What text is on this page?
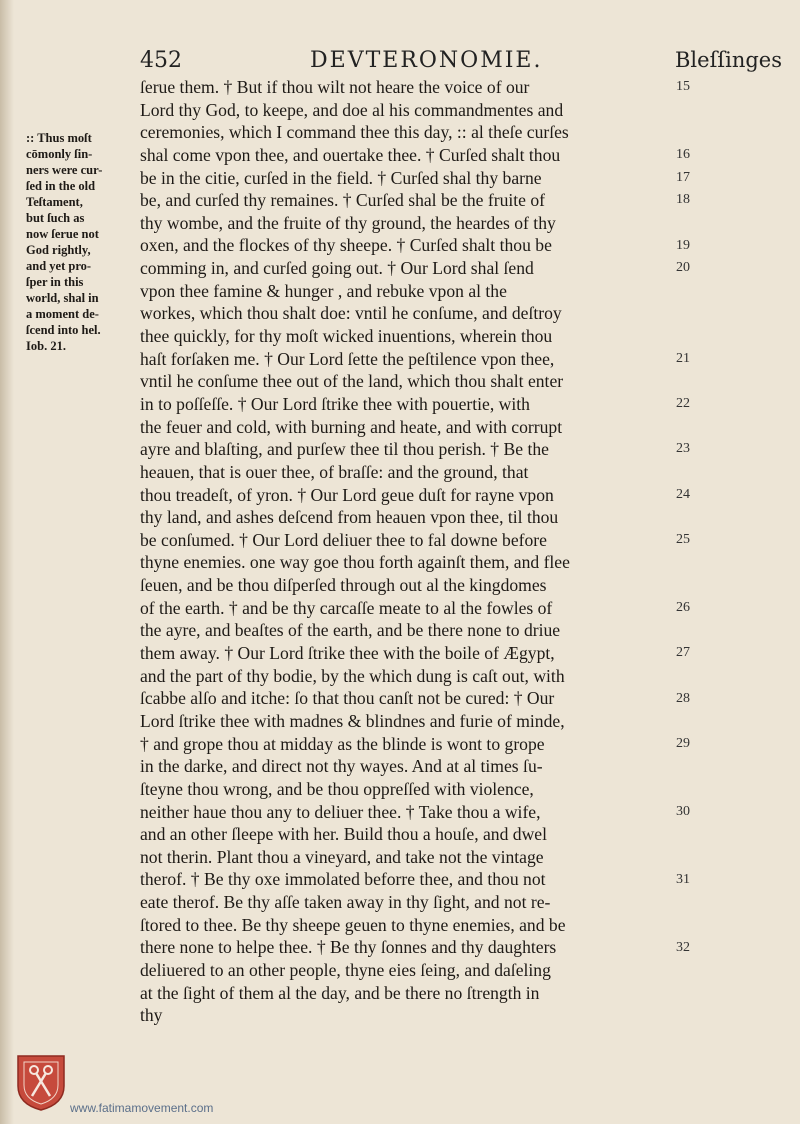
452	DEVTERONOMIE.	Bleſſinges
:: Thus moſt
cōmonly ſin-
ners were cur-
ſed in the old
Teſtament,
but ſuch as
now ſerue not
God rightly,
and yet pro-
ſper in this
world, shal in
a moment de-
ſcend into hel.
Iob. 21.
ſerue them. † But if thou wilt not heare the voice of our
Lord thy God, to keepe, and doe al his commandmentes and
ceremonies, which I command thee this day, :: al theſe curſes
shal come vpon thee, and ouertake thee. † Curſed shalt thou
be in the citie, curſed in the field. † Curſed shal thy barne
be, and curſed thy remaines. † Curſed shal be the fruite of
thy wombe, and the fruite of thy ground, the heardes of thy
oxen, and the flockes of thy sheepe. † Curſed shalt thou be
comming in, and curſed going out. † Our Lord shal ſend
vpon thee famine & hunger , and rebuke vpon al the
workes, which thou shalt doe: vntil he conſume, and deſtroy
thee quickly, for thy moſt wicked inuentions, wherein thou
haſt forſaken me. † Our Lord ſette the peſtilence vpon thee,
vntil he conſume thee out of the land, which thou shalt enter
in to poſſeſſe. † Our Lord ſtrike thee with pouertie, with
the feuer and cold, with burning and heate, and with corrupt
ayre and blaſting, and purſew thee til thou perish. † Be the
heauen, that is ouer thee, of braſſe: and the ground, that
thou treadeſt, of yron. † Our Lord geue duſt for rayne vpon
thy land, and ashes deſcend from heauen vpon thee, til thou
be conſumed. † Our Lord deliuer thee to fal downe before
thyne enemies. one way goe thou forth againſt them, and flee
ſeuen, and be thou diſperſed through out al the kingdomes
of the earth. † and be thy carcaſſe meate to al the fowles of
the ayre, and beaſtes of the earth, and be there none to driue
them away. † Our Lord ſtrike thee with the boile of Ægypt,
and the part of thy bodie, by the which dung is caſt out, with
ſcabbe alſo and itche: ſo that thou canſt not be cured: † Our
Lord ſtrike thee with madnes & blindnes and furie of minde,
† and grope thou at midday as the blinde is wont to grope
in the darke, and direct not thy wayes. And at al times ſu-
ſteyne thou wrong, and be thou oppreſſed with violence,
neither haue thou any to deliuer thee. † Take thou a wife,
and an other ſleepe with her. Build thou a houſe, and dwel
not therin. Plant thou a vineyard, and take not the vintage
therof. † Be thy oxe immolated beforre thee, and thou not
eate therof. Be thy aſſe taken away in thy ſight, and not re-
ſtored to thee. Be thy sheepe geuen to thyne enemies, and be
there none to helpe thee. † Be thy ſonnes and thy daughters
deliuered to an other people, thyne eies ſeing, and daſeling
at the ſight of them al the day, and be there no ſtrength in
thy
15
16
17
18
19
20
21
22
23
24
25
26
27
28
29
30
31
32
www.fatimamovement.com
